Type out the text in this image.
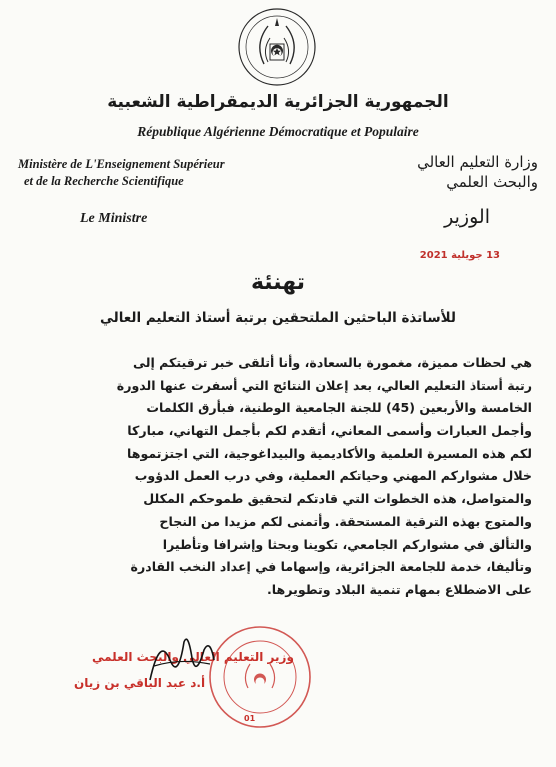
الجمهورية الجزائرية الديمقراطية الشعبية
République Algérienne Démocratique et Populaire
Ministère de L'Enseignement Supérieur
et de la Recherche Scientifique
وزارة التعليم العالي
والبحث العلمي
Le Ministre	الوزير
13 جويلية 2021
تهنئة
للأساتذة الباحثين الملتحقين برتبة أستاذ التعليم العالي
هي لحظات مميزة، مغمورة بالسعادة، وأنا أتلقى خبر ترقيتكم إلى
رتبة أستاذ التعليم العالي، بعد إعلان النتائج التي أسفرت عنها الدورة
الخامسة والأربعين (45) للجنة الجامعية الوطنية، فبأرق الكلمات
وأجمل العبارات وأسمى المعاني، أتقدم لكم بأجمل التهاني، مباركا
لكم هذه المسيرة العلمية والأكاديمية والبيداغوجية، التي اجتزتموها
خلال مشواركم المهني وحياتكم العملية، وفي درب العمل الدؤوب
والمتواصل، هذه الخطوات التي قادتكم لتحقيق طموحكم المكلل
والمتوج بهذه الترقية المستحقة. وأتمنى لكم مزيدا من النجاح
والتألق في مشواركم الجامعي، تكوينا وبحثا وإشرافا وتأطيرا
وتأليفا، خدمة للجامعة الجزائرية، وإسهاما في إعداد النخب القادرة
على الاضطلاع بمهام تنمية البلاد وتطويرها.
01
وزير التعليم العالي والبحث العلمي
أ.د عبد الباقي بن زيان
